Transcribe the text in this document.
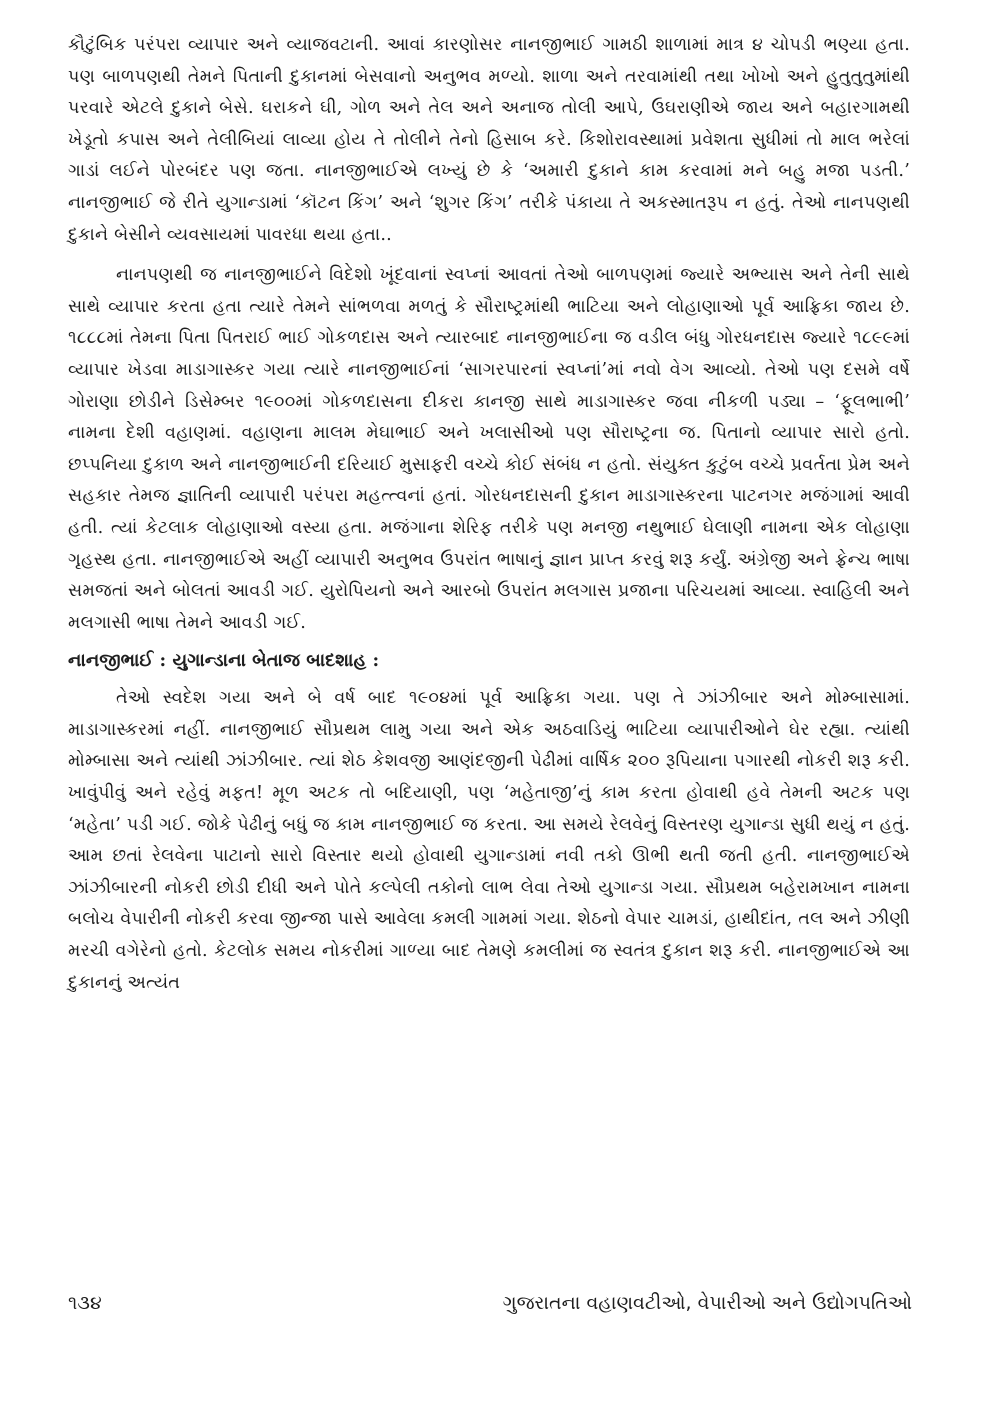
કૌટુંબિક પરંપરા વ્યાપાર અને વ્યાજવટાની. આવાં કારણોસર નાનજીભાઈ ગામઠી શાળામાં માત્ર ૪ ચોપડી ભણ્યા હતા. પણ બાળપણથી તેમને પિતાની દુકાનમાં બેસવાનો અનુભવ મળ્યો. શાળા અને તરવામાંથી તથા ખોખો અને હુતુતુતુમાંથી પરવારે એટલે દુકાને બેસે. ઘરાકને ઘી, ગોળ અને તેલ અને અનાજ તોલી આપે, ઉઘરાણીએ જાય અને બહારગામથી ખેડૂતો કપાસ અને તેલીબિયાં લાવ્યા હોય તે તોલીને તેનો હિસાબ કરે. કિશોરાવસ્થામાં પ્રવેશતા સુધીમાં તો માલ ભરેલાં ગાડાં લઈને પોરબંદર પણ જતા. નાનજીભાઈએ લખ્યું છે કે ‘અમારી દુકાને કામ કરવામાં મને બહુ મજા પડતી.’ નાનજીભાઈ જે રીતે યુગાન્ડામાં ‘કૉટન કિંગ’ અને ‘શુગર કિંગ’ તરીકે પંકાયા તે અકસ્માતરૂપ ન હતું. તેઓ નાનપણથી દુકાને બેસીને વ્યવસાયમાં પાવરધા થયા હતા..

નાનપણથી જ નાનજીભાઈને વિદેશો ખૂંદવાનાં સ્વપ્નાં આવતાં તેઓ બાળપણમાં જ્યારે અભ્યાસ અને તેની સાથે સાથે વ્યાપાર કરતા હતા ત્યારે તેમને સાંભળવા મળતું કે સૌરાષ્ટ્રમાંથી ભાટિયા અને લોહાણાઓ પૂર્વ આફ્રિકા જાય છે. ૧૮૮૮માં તેમના પિતા પિતરાઈ ભાઈ ગોકળદાસ અને ત્યારબાદ નાનજીભાઈના જ વડીલ બંધુ ગોરધનદાસ જ્યારે ૧૮૯૯માં વ્યાપાર ખેડવા માડાગાસ્કર ગયા ત્યારે નાનજીભાઈનાં ‘સાગરપારનાં સ્વપ્નાં’માં નવો વેગ આવ્યો. તેઓ પણ દસમે વર્ષે ગોરાણા છોડીને ડિસેમ્બર ૧૯૦૦માં ગોકળદાસના દીકરા કાનજી સાથે માડાગાસ્કર જવા નીકળી પડ્યા – ‘ફૂલભાભી’ નામના દેશી વહાણમાં. વહાણના માલમ મેઘાભાઈ અને ખલાસીઓ પણ સૌરાષ્ટ્રના જ. પિતાનો વ્યાપાર સારો હતો. છપ્પનિયા દુકાળ અને નાનજીભાઈની દરિયાઈ મુસાફરી વચ્ચે કોઈ સંબંધ ન હતો. સંયુક્ત કુટુંબ વચ્ચે પ્રવર્તતા પ્રેમ અને સહકાર તેમજ જ્ઞાતિની વ્યાપારી પરંપરા મહત્ત્વનાં હતાં. ગોરધનદાસની દુકાન માડાગાસ્કરના પાટનગર મજંગામાં આવી હતી. ત્યાં કેટલાક લોહાણાઓ વસ્યા હતા. મજંગાના શેરિફ તરીકે પણ મનજી નથુભાઈ ઘેલાણી નામના એક લોહાણા ગૃહસ્થ હતા. નાનજીભાઈએ અહીં વ્યાપારી અનુભવ ઉપરાંત ભાષાનું જ્ઞાન પ્રાપ્ત કરવું શરૂ કર્યું. અંગ્રેજી અને ફ્રેન્ચ ભાષા સમજતાં અને બોલતાં આવડી ગઈ. યુરોપિયનો અને આરબો ઉપરાંત મલગાસ પ્રજાના પરિચયમાં આવ્યા. સ્વાહિલી અને મલગાસી ભાષા તેમને આવડી ગઈ.

નાનજીભાઈ : યુગાન્ડાના બેતાજ બાદશાહ :

તેઓ સ્વદેશ ગયા અને બે વર્ષ બાદ ૧૯૦૪માં પૂર્વ આફ્રિકા ગયા. પણ તે ઝાંઝીબાર અને મોમ્બાસામાં. માડાગાસ્કરમાં નહીં. નાનજીભાઈ સૌપ્રથમ લામુ ગયા અને એક અઠવાડિયું ભાટિયા વ્યાપારીઓને ઘેર રહ્યા. ત્યાંથી મોમ્બાસા અને ત્યાંથી ઝાંઝીબાર. ત્યાં શેઠ કેશવજી આણંદજીની પેઢીમાં વાર્ષિક ૨૦૦ રૂપિયાના પગારથી નોકરી શરૂ કરી. ખાવુંપીવું અને રહેવું મફત! મૂળ અટક તો બદિયાણી, પણ ‘મહેતાજી’નું કામ કરતા હોવાથી હવે તેમની અટક પણ ‘મહેતા’ પડી ગઈ. જોકે પેઢીનું બધું જ કામ નાનજીભાઈ જ કરતા. આ સમયે રેલવેનું વિસ્તરણ યુગાન્ડા સુધી થયું ન હતું. આમ છતાં રેલવેના પાટાનો સારો વિસ્તાર થયો હોવાથી યુગાન્ડામાં નવી તકો ઊભી થતી જતી હતી. નાનજીભાઈએ ઝાંઝીબારની નોકરી છોડી દીધી અને પોતે કલ્પેલી તકોનો લાભ લેવા તેઓ યુગાન્ડા ગયા. સૌપ્રથમ બહેરામખાન નામના બલોચ વેપારીની નોકરી કરવા જીન્જા પાસે આવેલા કમલી ગામમાં ગયા. શેઠનો વેપાર ચામડાં, હાથીદાંત, તલ અને ઝીણી મરચી વગેરેનો હતો. કેટલોક સમય નોકરીમાં ગાળ્યા બાદ તેમણે કમલીમાં જ સ્વતંત્ર દુકાન શરૂ કરી. નાનજીભાઈએ આ દુકાનનું અત્યંત

૧૩૪	ગુજરાતના વહાણવટીઓ, વેપારીઓ અને ઉદ્યોગપતિઓ
